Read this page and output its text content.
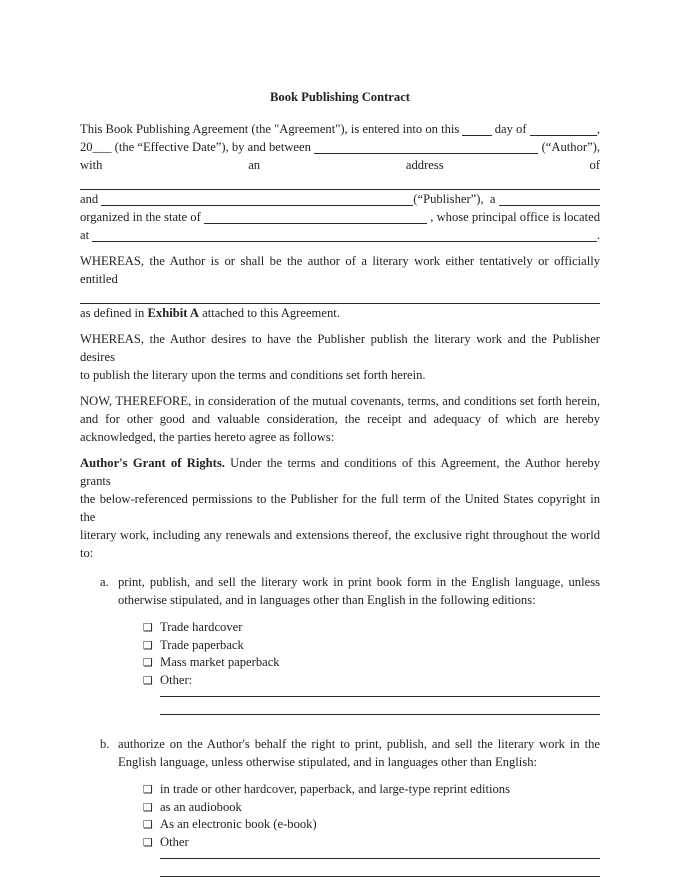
Book Publishing Contract
This Book Publishing Agreement (the "Agreement"), is entered into on this day of	,
20___ (the “Effective Date”), by and between	(“Author”),
with	an	address	of
and	(“Publisher”),  a
organized in the state of	, whose principal office is located
at	.
WHEREAS, the Author is or shall be the author of a literary work either tentatively or officially entitled
as defined in Exhibit A attached to this Agreement.
WHEREAS, the Author desires to have the Publisher publish the literary work and the Publisher desires
to publish the literary upon the terms and conditions set forth herein.
NOW, THEREFORE, in consideration of the mutual covenants, terms, and conditions set forth herein,
and for other good and valuable consideration, the receipt and adequacy of which are hereby
acknowledged, the parties hereto agree as follows:
Author's Grant of Rights. Under the terms and conditions of this Agreement, the Author hereby grants
the below-referenced permissions to the Publisher for the full term of the United States copyright in the
literary work, including any renewals and extensions thereof, the exclusive right throughout the world to:
a. print, publish, and sell the literary work in print book form in the English language, unless
otherwise stipulated, and in languages other than English in the following editions:
❑ Trade hardcover
❑ Trade paperback
❑ Mass market paperback
❑ Other:
b. authorize on the Author's behalf the right to print, publish, and sell the literary work in the
English language, unless otherwise stipulated, and in languages other than English:
❑ in trade or other hardcover, paperback, and large-type reprint editions
❑ as an audiobook
❑ As an electronic book (e-book)
❑ Other
